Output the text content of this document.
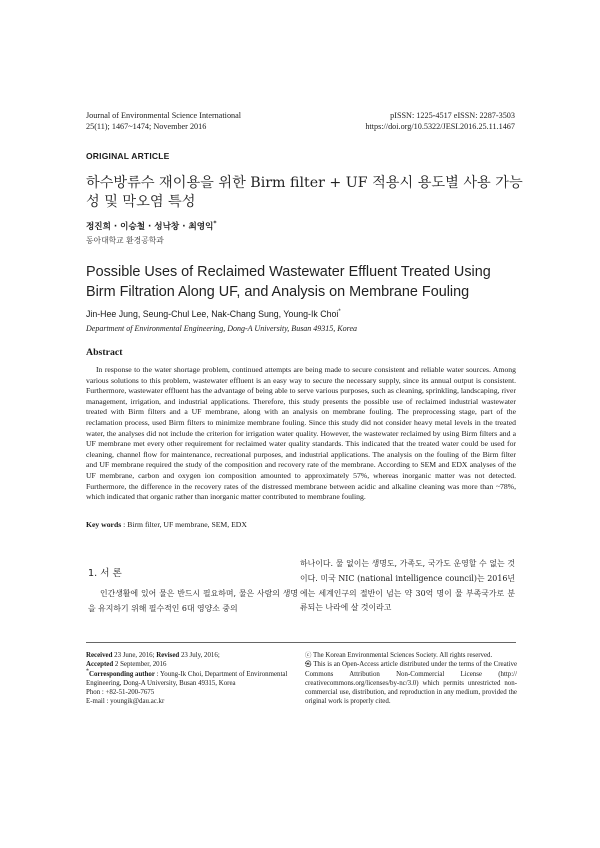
Journal of Environmental Science International
25(11); 1467~1474; November 2016
pISSN: 1225-4517 eISSN: 2287-3503
https://doi.org/10.5322/JESI.2016.25.11.1467
ORIGINAL ARTICLE
하수방류수 재이용을 위한 Birm filter + UF 적용시 용도별 사용 가능성 및 막오염 특성
정진희 · 이승철 · 성낙창 · 최영익*
동아대학교 환경공학과
Possible Uses of Reclaimed Wastewater Effluent Treated Using Birm Filtration Along UF, and Analysis on Membrane Fouling
Jin-Hee Jung, Seung-Chul Lee, Nak-Chang Sung, Young-Ik Choi*
Department of Environmental Engineering, Dong-A University, Busan 49315, Korea
Abstract
In response to the water shortage problem, continued attempts are being made to secure consistent and reliable water sources. Among various solutions to this problem, wastewater effluent is an easy way to secure the necessary supply, since its annual output is consistent. Furthermore, wastewater effluent has the advantage of being able to serve various purposes, such as cleaning, sprinkling, landscaping, river management, irrigation, and industrial applications. Therefore, this study presents the possible use of reclaimed industrial wastewater treated with Birm filters and a UF membrane, along with an analysis on membrane fouling. The preprocessing stage, part of the reclamation process, used Birm filters to minimize membrane fouling. Since this study did not consider heavy metal levels in the treated water, the analyses did not include the criterion for irrigation water quality. However, the wastewater reclaimed by using Birm filters and a UF membrane met every other requirement for reclaimed water quality standards. This indicated that the treated water could be used for cleaning, channel flow for maintenance, recreational purposes, and industrial applications. The analysis on the fouling of the Birm filter and UF membrane required the study of the composition and recovery rate of the membrane. According to SEM and EDX analyses of the UF membrane, carbon and oxygen ion composition amounted to approximately 57%, whereas inorganic matter was not detected. Furthermore, the difference in the recovery rates of the distressed membrane between acidic and alkaline cleaning was more than ~78%, which indicated that organic rather than inorganic matter contributed to membrane fouling.
Key words : Birm filter, UF membrane, SEM, EDX
1. 서 론
인간생활에 있어 물은 반드시 필요하며, 물은 사람의 생명을 유지하기 위해 필수적인 6대 영양소 중의
하나이다. 물 없이는 생명도, 가족도, 국가도 운영할 수 없는 것이다. 미국 NIC (national intelligence council)는 2016년에는 세계인구의 절반이 넘는 약 30억 명이 물 부족국가로 분류되는 나라에 살 것이라고
Received 23 June, 2016; Revised 23 July, 2016;
Accepted 2 September, 2016
*Corresponding author : Young-Ik Choi, Department of Environmental Engineering, Dong-A University, Busan 49315, Korea
Phon : +82-51-200-7675
E-mail : youngik@dau.ac.kr
ⓒ The Korean Environmental Sciences Society. All rights reserved.
㉿ This is an Open-Access article distributed under the terms of the Creative Commons Attribution Non-Commercial License (http:// creativecommons.org/licenses/by-nc/3.0) which permits unrestricted non-commercial use, distribution, and reproduction in any medium, provided the original work is properly cited.
